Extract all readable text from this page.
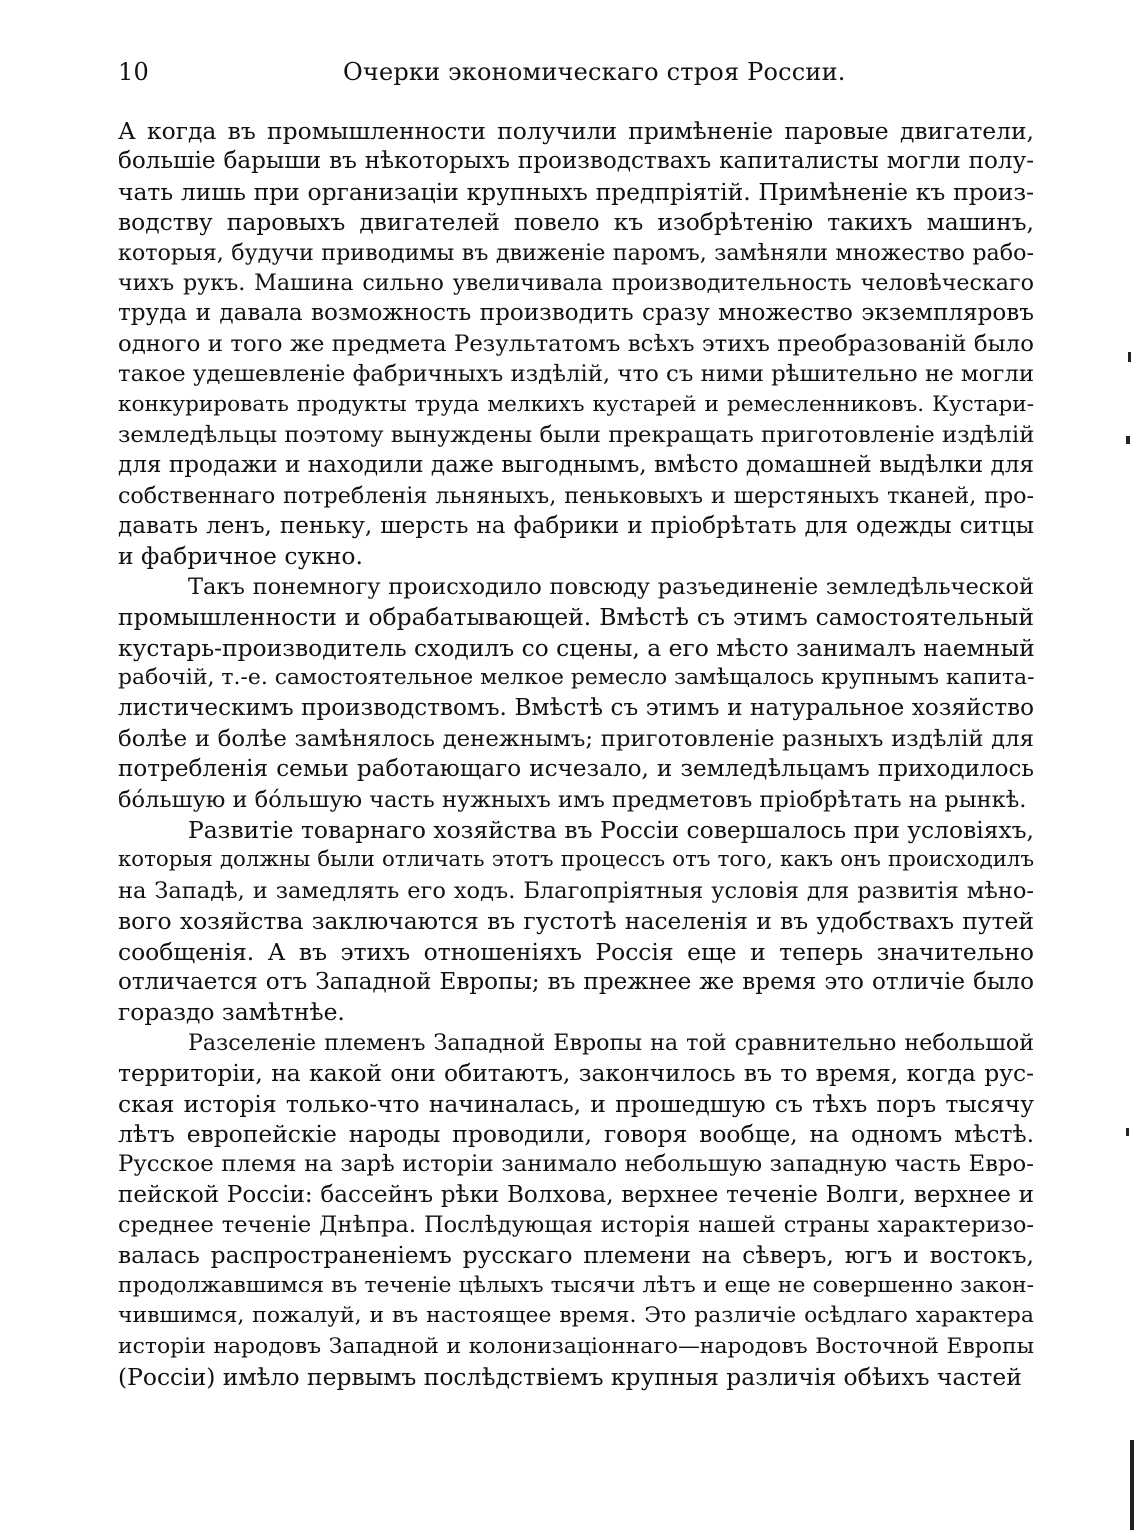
10	Очерки экономическаго строя России.
А когда въ промышленности получили примѣненіе паровые двигатели,
большіе барыши въ нѣкоторыхъ производствахъ капиталисты могли полу-
чать лишь при организаціи крупныхъ предпріятій. Примѣненіе къ произ-
водству паровыхъ двигателей повело къ изобрѣтенію такихъ машинъ,
которыя, будучи приводимы въ движеніе паромъ, замѣняли множество рабо-
чихъ рукъ. Машина сильно увеличивала производительность человѣческаго
труда и давала возможность производить сразу множество экземпляровъ
одного и того же предмета Результатомъ всѣхъ этихъ преобразованій было
такое удешевленіе фабричныхъ издѣлій, что съ ними рѣшительно не могли
конкурировать продукты труда мелкихъ кустарей и ремесленниковъ. Кустари-
земледѣльцы поэтому вынуждены были прекращать приготовленіе издѣлій
для продажи и находили даже выгоднымъ, вмѣсто домашней выдѣлки для
собственнаго потребленія льняныхъ, пеньковыхъ и шерстяныхъ тканей, про-
давать ленъ, пеньку, шерсть на фабрики и пріобрѣтать для одежды ситцы
и фабричное сукно.
Такъ понемногу происходило повсюду разъединеніе земледѣльческой
промышленности и обрабатывающей. Вмѣстѣ съ этимъ самостоятельный
кустарь-производитель сходилъ со сцены, а его мѣсто занималъ наемный
рабочій, т.-е. самостоятельное мелкое ремесло замѣщалось крупнымъ капита-
листическимъ производствомъ. Вмѣстѣ съ этимъ и натуральное хозяйство
болѣе и болѣе замѣнялось денежнымъ; приготовленіе разныхъ издѣлій для
потребленія семьи работающаго исчезало, и земледѣльцамъ приходилось
бо́льшую и бо́льшую часть нужныхъ имъ предметовъ пріобрѣтать на рынкѣ.
Развитіе товарнаго хозяйства въ Россіи совершалось при условіяхъ,
которыя должны были отличать этотъ процессъ отъ того, какъ онъ происходилъ
на Западѣ, и замедлять его ходъ. Благопріятныя условія для развитія мѣно-
вого хозяйства заключаются въ густотѣ населенія и въ удобствахъ путей
сообщенія. А въ этихъ отношеніяхъ Россія еще и теперь значительно
отличается отъ Западной Европы; въ прежнее же время это отличіе было
гораздо замѣтнѣе.
Разселеніе племенъ Западной Европы на той сравнительно небольшой
территоріи, на какой они обитаютъ, закончилось въ то время, когда рус-
ская исторія только-что начиналась, и прошедшую съ тѣхъ поръ тысячу
лѣтъ европейскіе народы проводили, говоря вообще, на одномъ мѣстѣ.
Русское племя на зарѣ исторіи занимало небольшую западную часть Евро-
пейской Россіи: бассейнъ рѣки Волхова, верхнее теченіе Волги, верхнее и
среднее теченіе Днѣпра. Послѣдующая исторія нашей страны характеризо-
валась распространеніемъ русскаго племени на сѣверъ, югъ и востокъ,
продолжавшимся въ теченіе цѣлыхъ тысячи лѣтъ и еще не совершенно закон-
чившимся, пожалуй, и въ настоящее время. Это различіе осѣдлаго характера
исторіи народовъ Западной и колонизаціоннаго—народовъ Восточной Европы
(Россіи) имѣло первымъ послѣдствіемъ крупныя различія обѣихъ частей
